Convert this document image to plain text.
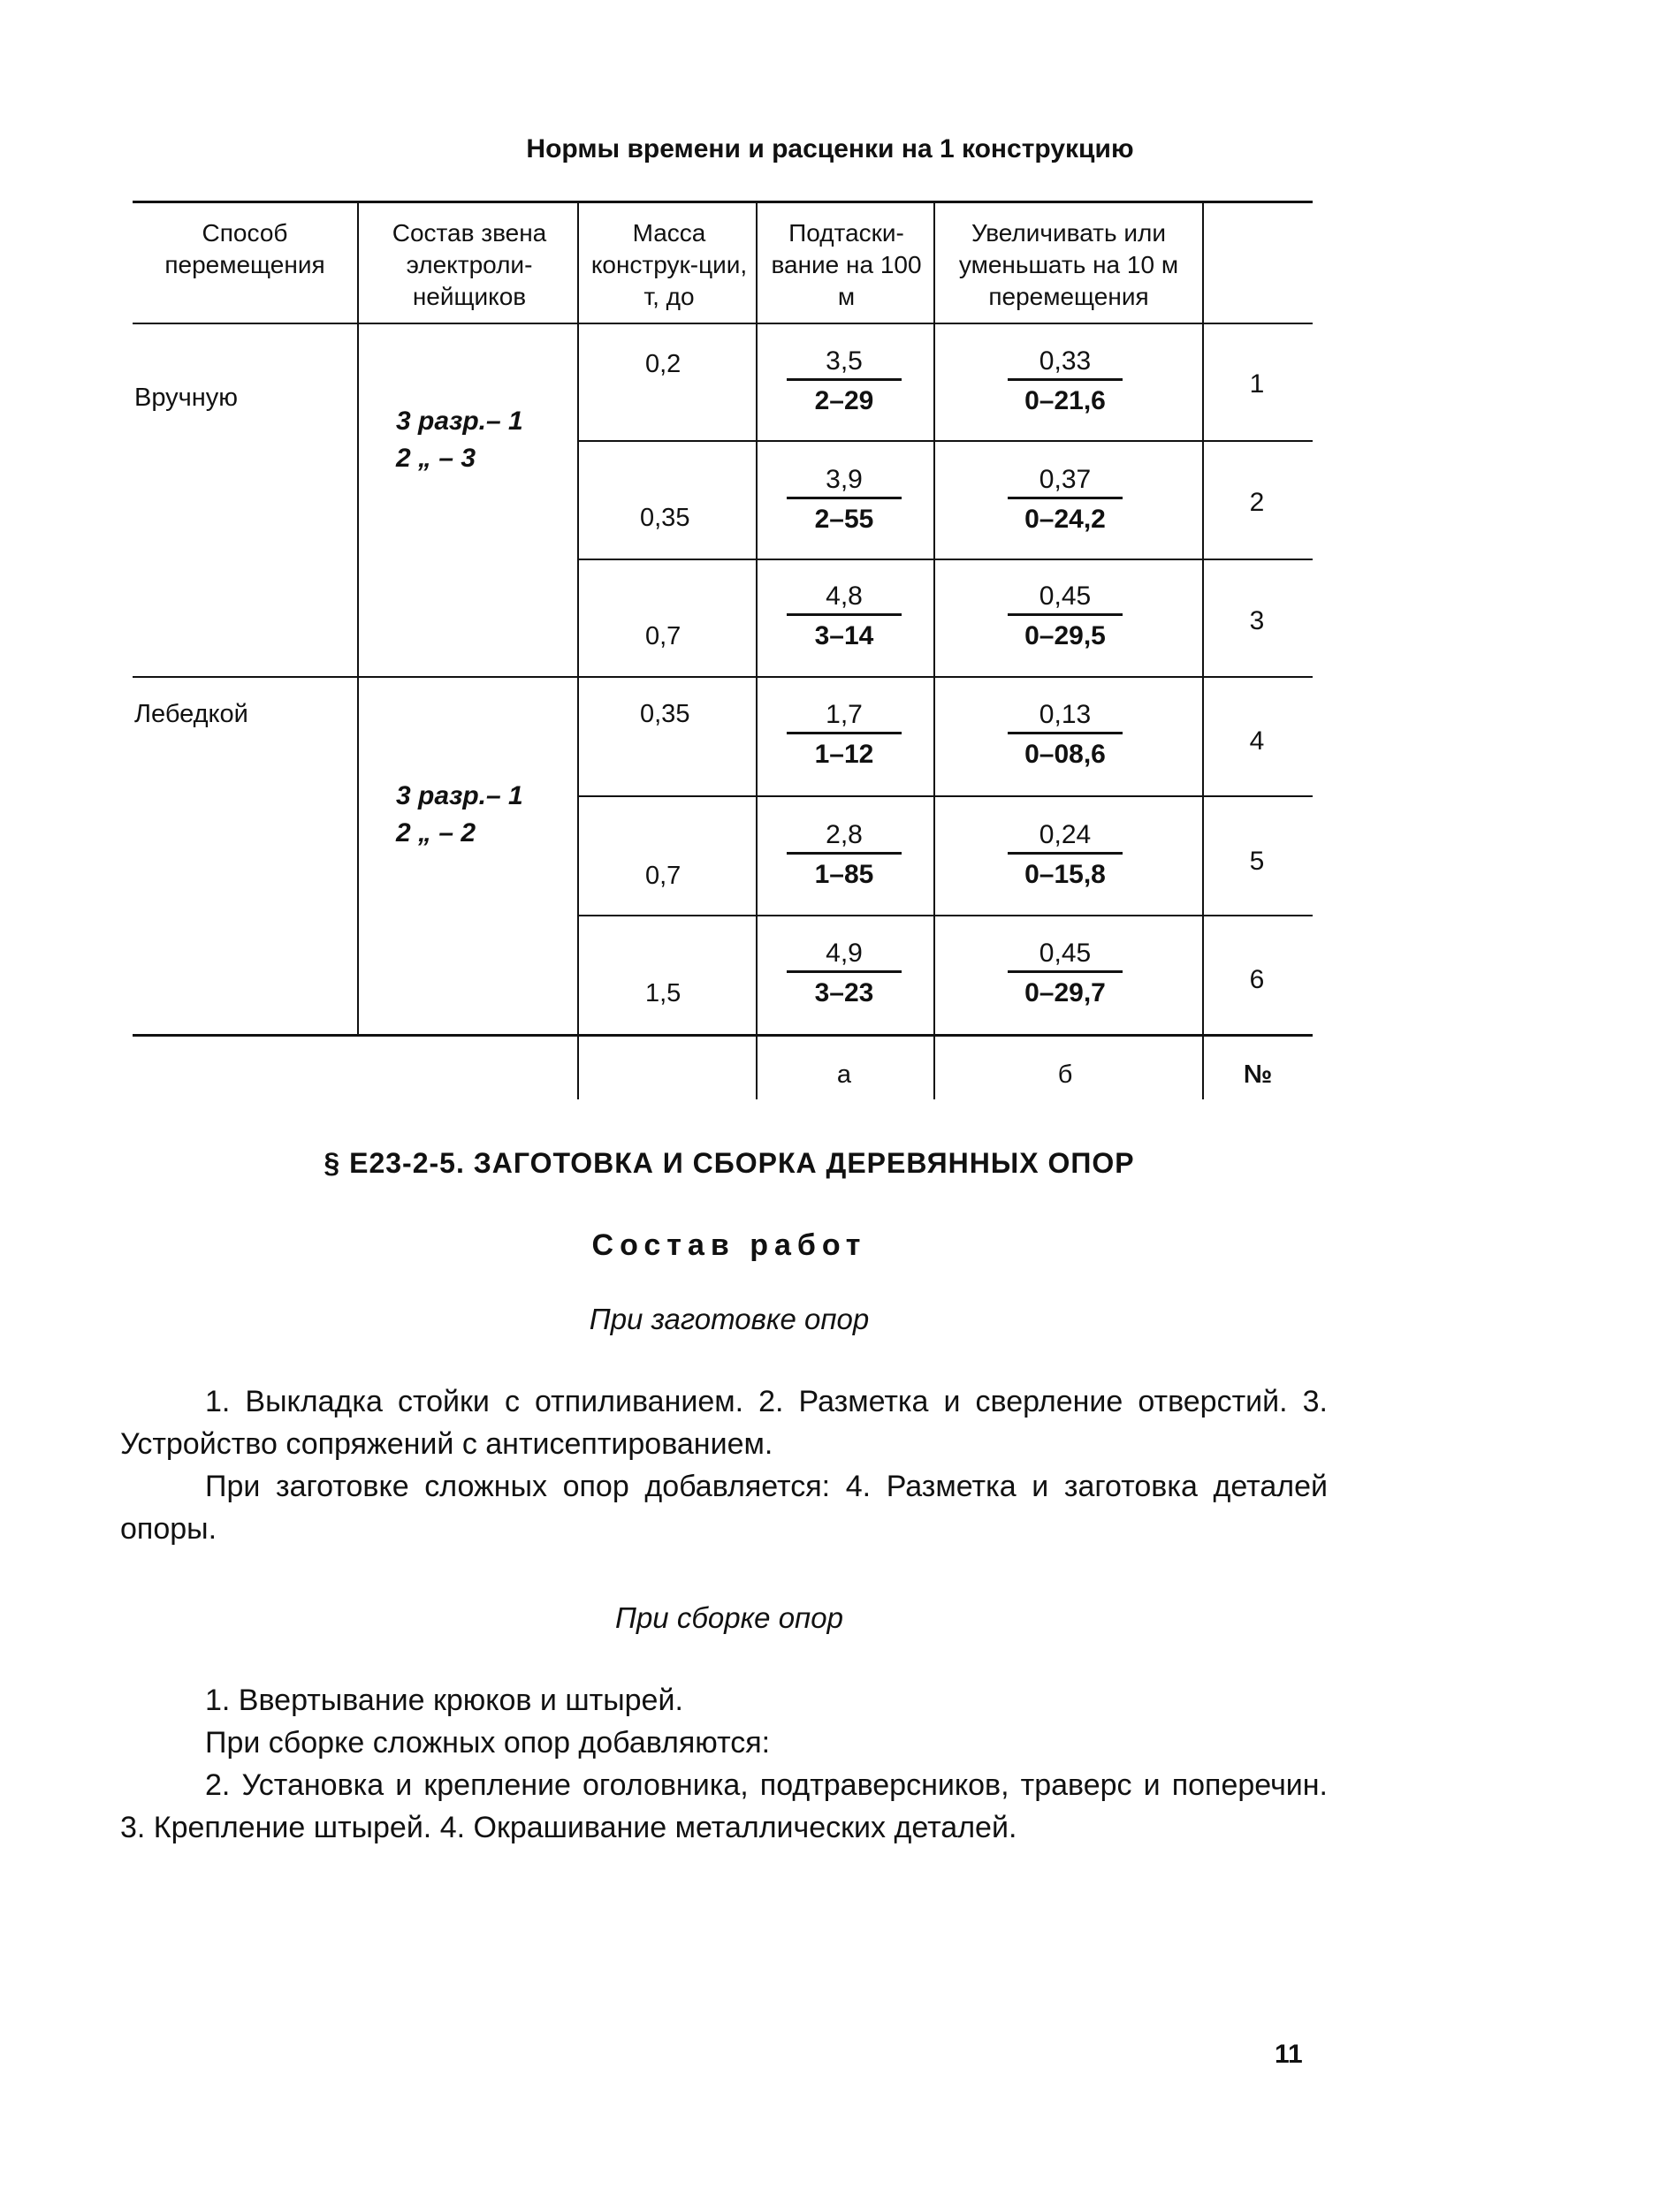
Нормы времени и расценки на 1 конструкцию
Способ перемещения
Состав звена электроли-нейщиков
Масса конструк-ции, т, до
Подтаски-вание на 100 м
Увеличивать или уменьшать на 10 м перемещения
Вручную
Лебедкой
3 разр.– 1
2 „ – 3
3 разр.– 1
2 „ – 2
0,2
0,35
0,7
0,35
0,7
1,5
3,5
2–29
3,9
2–55
4,8
3–14
1,7
1–12
2,8
1–85
4,9
3–23
0,33
0–21,6
0,37
0–24,2
0,45
0–29,5
0,13
0–08,6
0,24
0–15,8
0,45
0–29,7
1
2
3
4
5
6
а	б	№
§ Е23-2-5. ЗАГОТОВКА И СБОРКА ДЕРЕВЯННЫХ ОПОР
Состав работ
При заготовке опор
1. Выкладка стойки с отпиливанием. 2. Разметка и сверление отверстий. 3. Устройство сопряжений с антисептированием.
При заготовке сложных опор добавляется: 4. Разметка и заготовка деталей опоры.
При сборке опор
1. Ввертывание крюков и штырей.
При сборке сложных опор добавляются:
2. Установка и крепление оголовника, подтраверсников, траверс и поперечин. 3. Крепление штырей. 4. Окрашивание металлических деталей.
11
